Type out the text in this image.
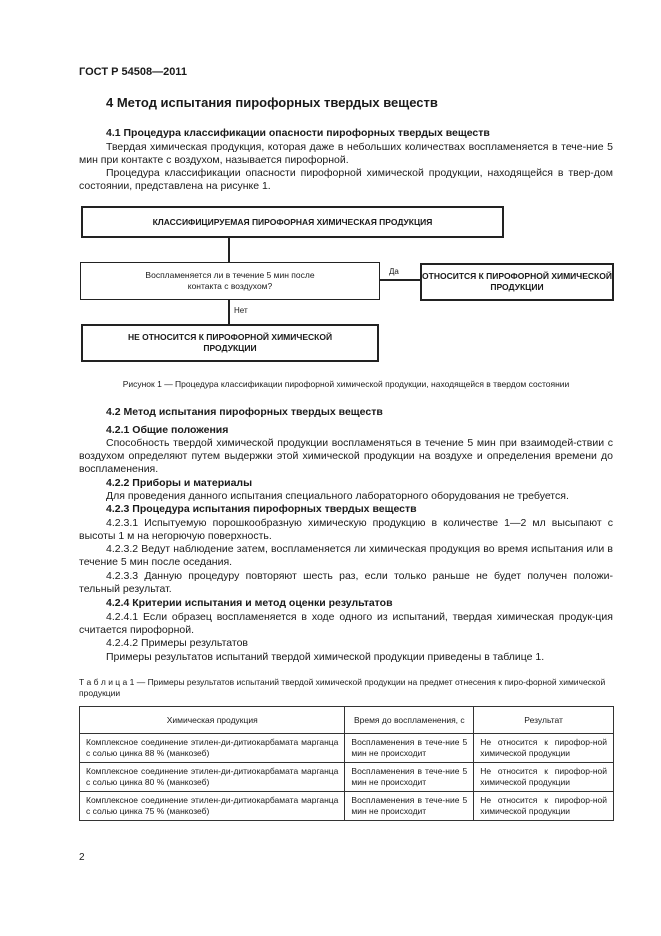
ГОСТ Р 54508—2011
4 Метод испытания пирофорных твердых веществ
4.1 Процедура классификации опасности пирофорных твердых веществ
Твердая химическая продукция, которая даже в небольших количествах воспламеняется в тече-ние 5 мин при контакте с воздухом, называется пирофорной.
Процедура классификации опасности пирофорной химической продукции, находящейся в твер-дом состоянии, представлена на рисунке 1.
КЛАССИФИЦИРУЕМАЯ ПИРОФОРНАЯ ХИМИЧЕСКАЯ ПРОДУКЦИЯ
Воспламеняется ли в течение 5 мин после контакта с воздухом?
Да	ОТНОСИТСЯ К ПИРОФОРНОЙ ХИМИЧЕСКОЙ ПРОДУКЦИИ
Нет
НЕ ОТНОСИТСЯ К ПИРОФОРНОЙ ХИМИЧЕСКОЙ ПРОДУКЦИИ
Рисунок 1 — Процедура классификации пирофорной химической продукции, находящейся в твердом состоянии
4.2 Метод испытания пирофорных твердых веществ
4.2.1 Общие положения
Способность твердой химической продукции воспламеняться в течение 5 мин при взаимодей-ствии с воздухом определяют путем выдержки этой химической продукции на воздухе и определения времени до воспламенения.
4.2.2 Приборы и материалы
Для проведения данного испытания специального лабораторного оборудования не требуется.
4.2.3 Процедура испытания пирофорных твердых веществ
4.2.3.1 Испытуемую порошкообразную химическую продукцию в количестве 1—2 мл высыпают с высоты 1 м на негорючую поверхность.
4.2.3.2 Ведут наблюдение затем, воспламеняется ли химическая продукция во время испытания или в течение 5 мин после оседания.
4.2.3.3 Данную процедуру повторяют шесть раз, если только раньше не будет получен положи-тельный результат.
4.2.4 Критерии испытания и метод оценки результатов
4.2.4.1 Если образец воспламеняется в ходе одного из испытаний, твердая химическая продук-ция считается пирофорной.
4.2.4.2 Примеры результатов
Примеры результатов испытаний твердой химической продукции приведены в таблице 1.
Т а б л и ц а 1 — Примеры результатов испытаний твердой химической продукции на предмет отнесения к пиро-форной химической продукции
Химическая продукция	Время до воспламенения, с	Результат
Комплексное соединение этилен-ди-дитиокарбамата марганца с солью цинка 88 % (манкозеб)	Воспламенения в тече-ние 5 мин не происходит	Не относится к пирофор-ной химической продукции
Комплексное соединение этилен-ди-дитиокарбамата марганца с солью цинка 80 % (манкозеб)	Воспламенения в тече-ние 5 мин не происходит	Не относится к пирофор-ной химической продукции
Комплексное соединение этилен-ди-дитиокарбамата марганца с солью цинка 75 % (манкозеб)	Воспламенения в тече-ние 5 мин не происходит	Не относится к пирофор-ной химической продукции
2
